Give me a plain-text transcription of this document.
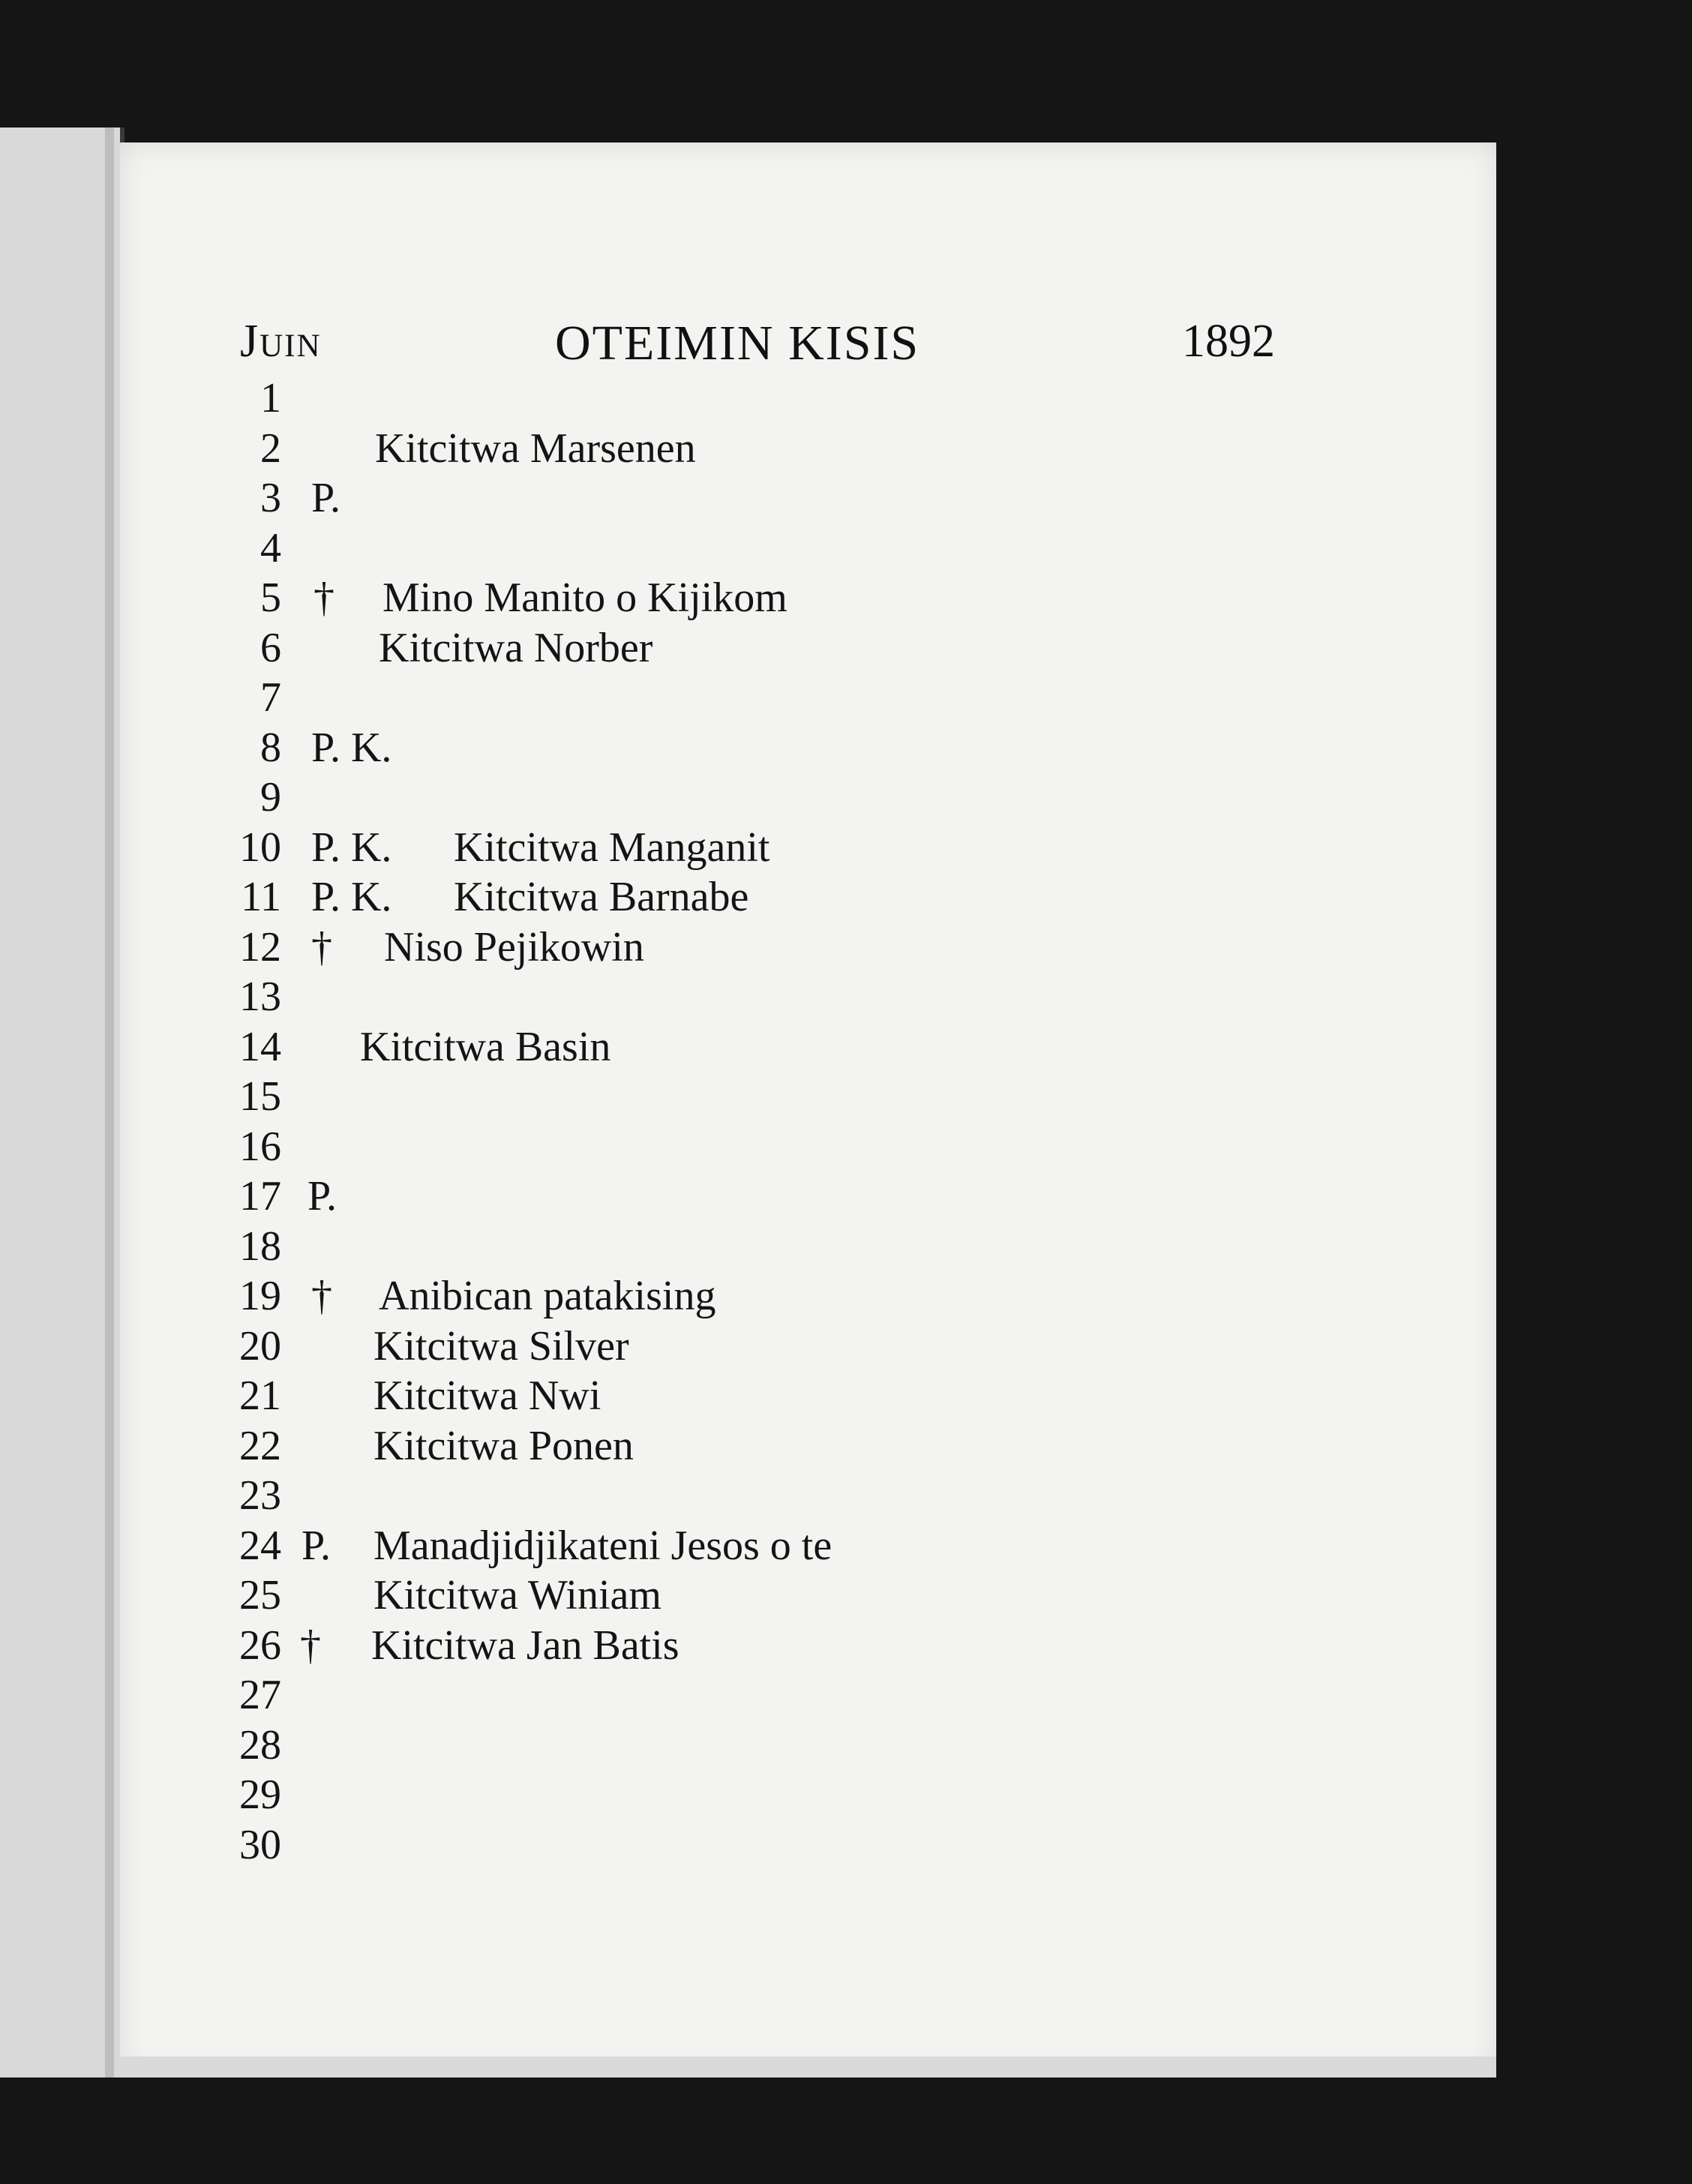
Juin	OTEIMIN KISIS	1892
1
2 Kitcitwa Marsenen
3 P.
4
5 † Mino Manito o Kijikom
6 Kitcitwa Norber
7
8 P. K.
9
10 P. K. Kitcitwa Manganit
11 P. K. Kitcitwa Barnabe
12 † Niso Pejikowin
13
14 Kitcitwa Basin
15
16
17 P.
18
19 † Anibican patakising
20 Kitcitwa Silver
21 Kitcitwa Nwi
22 Kitcitwa Ponen
23
24 P. Manadjidjikateni Jesos o te
25 Kitcitwa Winiam
26 † Kitcitwa Jan Batis
27
28
29
30
